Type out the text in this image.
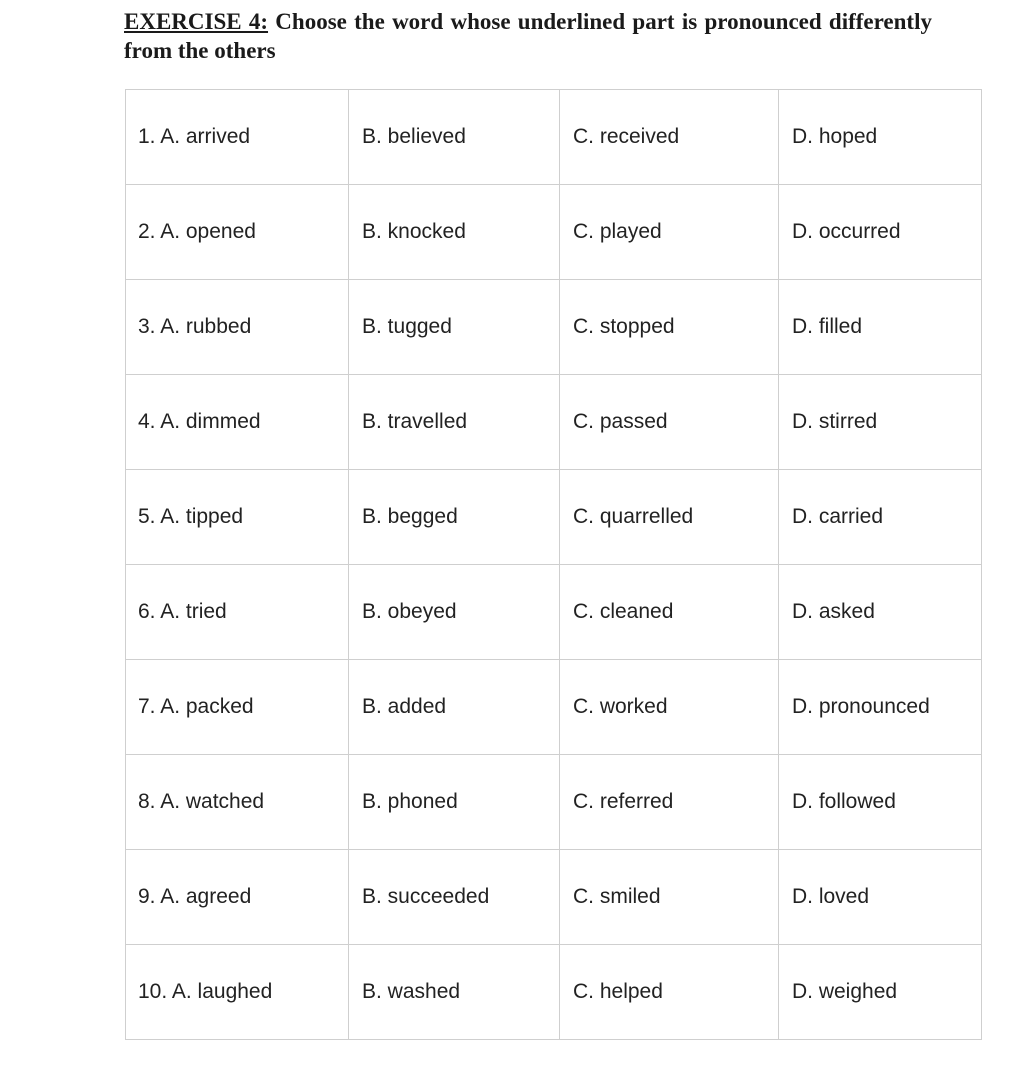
EXERCISE 4: Choose the word whose underlined part is pronounced differently from the others

1. A. arrived	B. believed	C. received	D. hoped
2. A. opened	B. knocked	C. played	D. occurred
3. A. rubbed	B. tugged	C. stopped	D. filled
4. A. dimmed	B. travelled	C. passed	D. stirred
5. A. tipped	B. begged	C. quarrelled	D. carried
6. A. tried	B. obeyed	C. cleaned	D. asked
7. A. packed	B. added	C. worked	D. pronounced
8. A. watched	B. phoned	C. referred	D. followed
9. A. agreed	B. succeeded	C. smiled	D. loved
10. A. laughed	B. washed	C. helped	D. weighed
